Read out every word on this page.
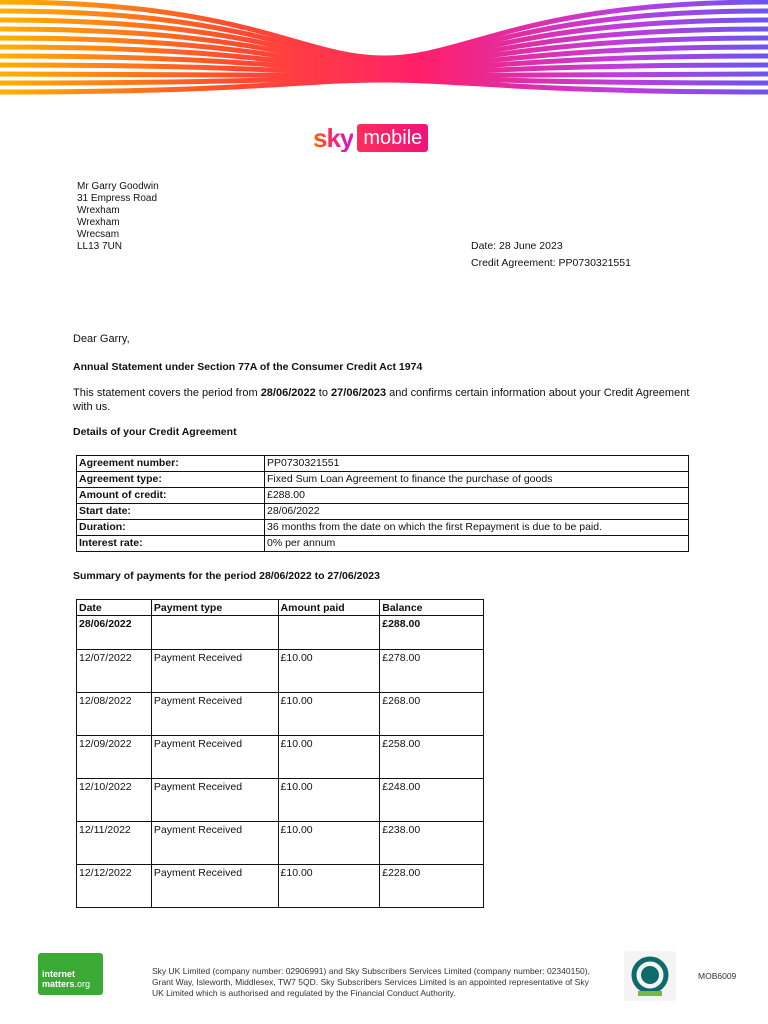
sky mobile
Mr Garry Goodwin
31 Empress Road
Wrexham
Wrexham
Wrecsam
LL13 7UN	Date: 28 June 2023
Credit Agreement: PP0730321551
Dear Garry,
Annual Statement under Section 77A of the Consumer Credit Act 1974
This statement covers the period from 28/06/2022 to 27/06/2023 and confirms certain information about your Credit Agreement with us.
Details of your Credit Agreement
Agreement number:	PP0730321551
Agreement type:	Fixed Sum Loan Agreement to finance the purchase of goods
Amount of credit:	£288.00
Start date:	28/06/2022
Duration:	36 months from the date on which the first Repayment is due to be paid.
Interest rate:	0% per annum
Summary of payments for the period 28/06/2022 to 27/06/2023
Date	Payment type	Amount paid	Balance
28/06/2022			£288.00
12/07/2022	Payment Received	£10.00	£278.00
12/08/2022	Payment Received	£10.00	£268.00
12/09/2022	Payment Received	£10.00	£258.00
12/10/2022	Payment Received	£10.00	£248.00
12/11/2022	Payment Received	£10.00	£238.00
12/12/2022	Payment Received	£10.00	£228.00
internet
matters.org
Sky UK Limited (company number: 02906991) and Sky Subscribers Services Limited (company number: 02340150), Grant Way, Isleworth, Middlesex, TW7 5QD. Sky Subscribers Services Limited is an appointed representative of Sky UK Limited which is authorised and regulated by the Financial Conduct Authority.
MOB6009
